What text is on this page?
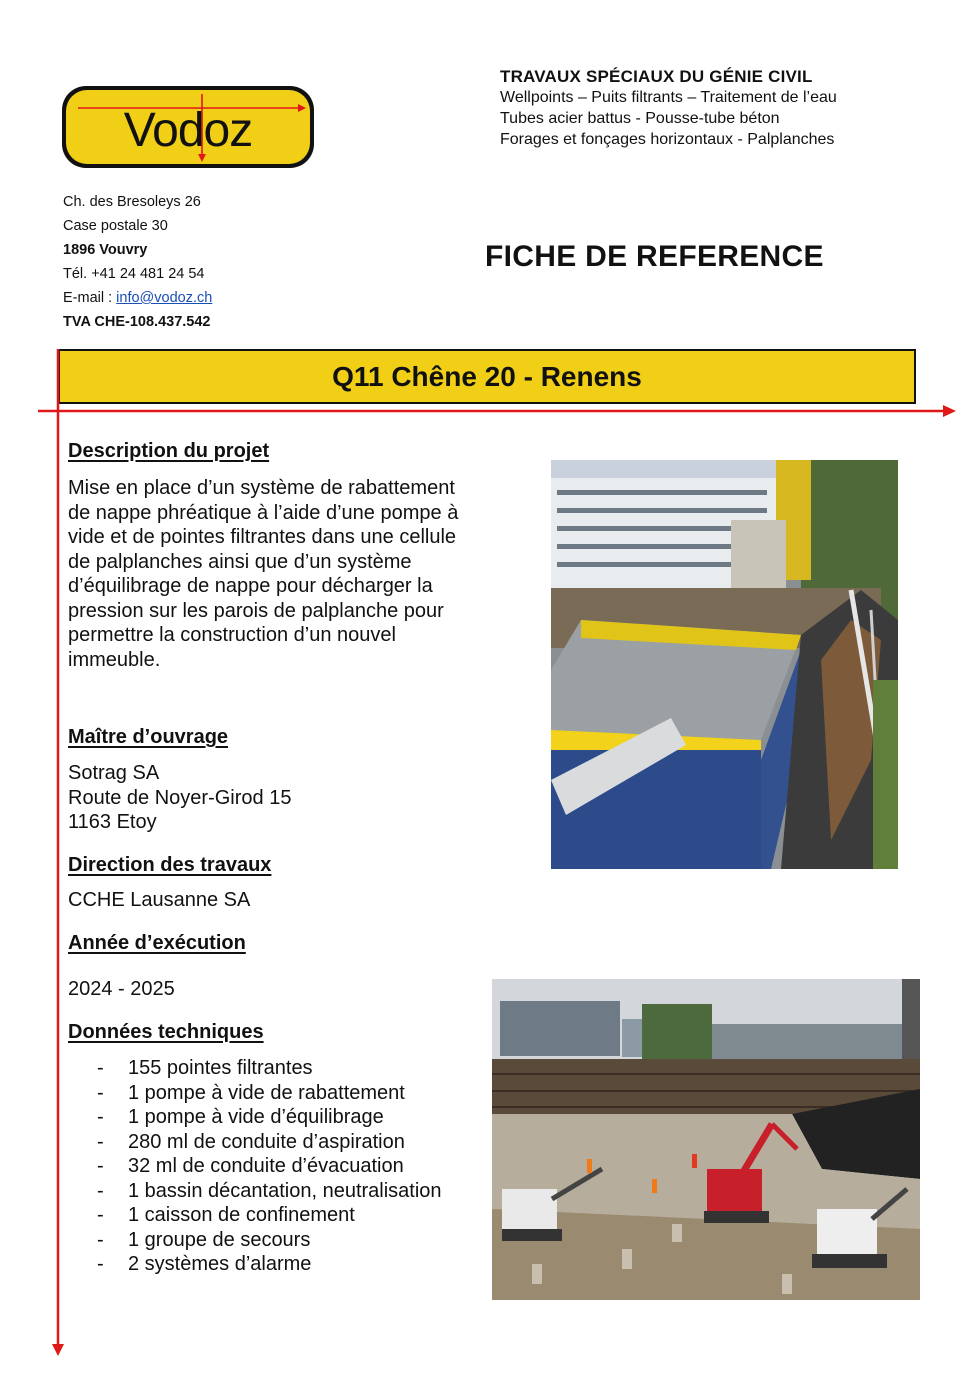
Vodoz
TRAVAUX SPÉCIAUX DU GÉNIE CIVIL
Wellpoints – Puits filtrants – Traitement de l’eau
Tubes acier battus - Pousse-tube béton
Forages et fonçages horizontaux - Palplanches
Ch. des Bresoleys 26
Case postale 30
1896 Vouvry
Tél. +41 24 481 24 54
E-mail : info@vodoz.ch
TVA CHE-108.437.542
FICHE DE REFERENCE
Q11 Chêne 20 - Renens
Description du projet
Mise en place d’un système de rabattement de nappe phréatique à l’aide d’une pompe à vide et de pointes filtrantes dans une cellule de palplanches ainsi que d’un système d’équilibrage de nappe pour décharger la pression sur les parois de palplanche pour permettre la construction d’un nouvel immeuble.
Maître d’ouvrage
Sotrag SA
Route de Noyer-Girod 15
1163 Etoy
Direction des travaux
CCHE Lausanne SA
Année d’exécution
2024 - 2025
Données techniques
-	155 pointes filtrantes
-	1 pompe à vide de rabattement
-	1 pompe à vide d’équilibrage
-	280 ml de conduite d’aspiration
-	32 ml de conduite d’évacuation
-	1 bassin décantation, neutralisation
-	1 caisson de confinement
-	1 groupe de secours
-	2 systèmes d’alarme
